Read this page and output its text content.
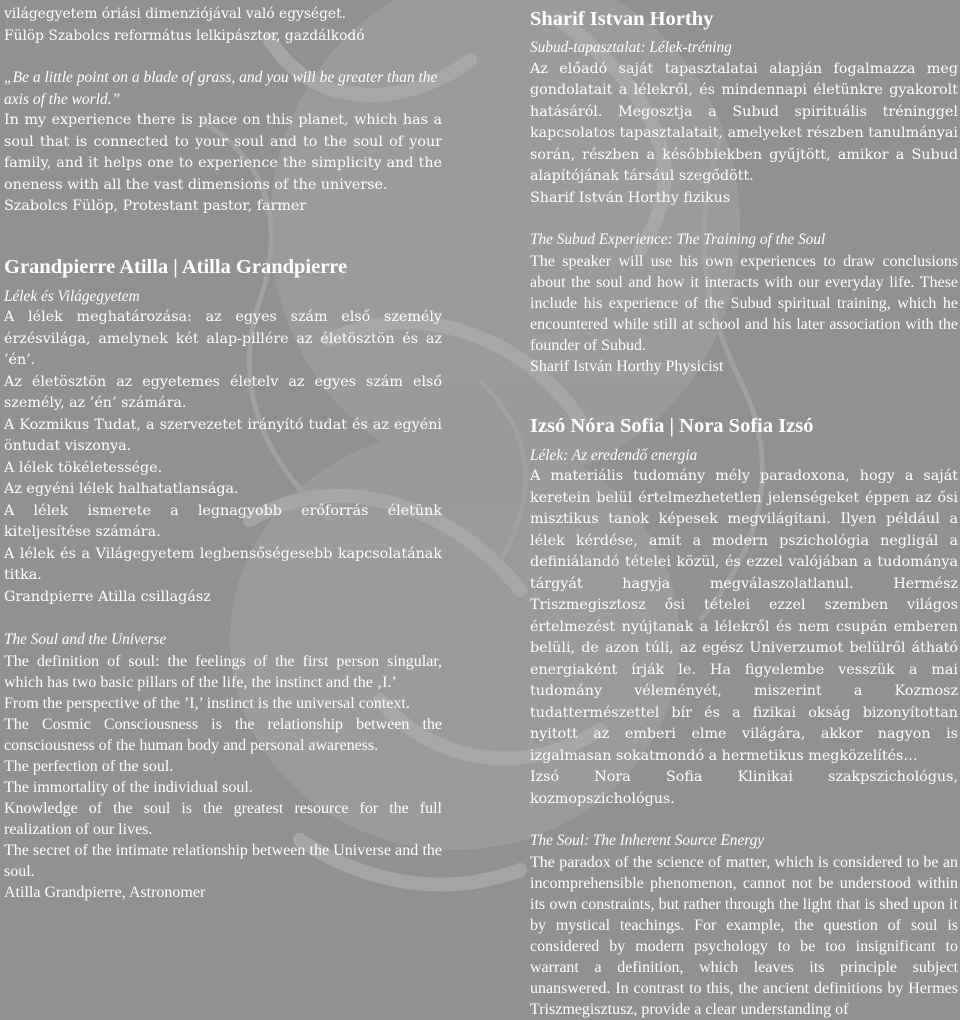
világegyetem óriási dimenziójával való egységet.

Fülöp Szabolcs református lelkipásztor, gazdálkodó

„Be a little point on a blade of grass, and you will be greater than the axis of the world.”

In my experience there is place on this planet, which has a soul that is connected to your soul and to the soul of your family, and it helps one to experience the simplicity and the oneness with all the vast dimensions of the universe.

Szabolcs Fülöp, Protestant pastor, farmer

Grandpierre Atilla | Atilla Grandpierre

Lélek és Világegyetem

A lélek meghatározása: az egyes szám első személy érzésvilága, amelynek két alap-pillére az életösztön és az ’én’.

Az életösztön az egyetemes életelv az egyes szám első személy, az ’én’ számára.

A Kozmikus Tudat, a szervezetet irányító tudat és az egyéni öntudat viszonya.

A lélek tökéletessége.

Az egyéni lélek halhatatlansága.

A lélek ismerete a legnagyobb erőforrás életünk kiteljesítése számára.

A lélek és a Világegyetem legbensőségesebb kapcsolatának titka.

Grandpierre Atilla csillagász

The Soul and the Universe

The definition of soul: the feelings of the first person singular, which has two basic pillars of the life, the instinct and the ‚I.’

From the perspective of the ’I,’ instinct is the universal context.

The Cosmic Consciousness is the relationship between the consciousness of the human body and personal awareness.

The perfection of the soul.

The immortality of the individual soul.

Knowledge of the soul is the greatest resource for the full realization of our lives.

The secret of the intimate relationship between the Universe and the soul.

Atilla Grandpierre, Astronomer

Sharif Istvan Horthy

Subud-tapasztalat: Lélek-tréning

Az előadó saját tapasztalatai alapján fogalmazza meg gondolatait a lélekről, és mindennapi életünkre gyakorolt hatásáról. Megosztja a Subud spirituális tréninggel kapcsolatos tapasztalatait, amelyeket részben tanulmányai során, részben a későbbiekben gyűjtött, amikor a Subud alapítójának társául szegődött.

Sharif István Horthy fizikus

The Subud Experience: The Training of the Soul

The speaker will use his own experiences to draw conclusions about the soul and how it interacts with our everyday life. These include his experience of the Subud spiritual training, which he encountered while still at school and his later association with the founder of Subud.

Sharif István Horthy Physicist

Izsó Nóra Sofia | Nora Sofia Izsó

Lélek: Az eredendő energia

A materiális tudomány mély paradoxona, hogy a saját keretein belül értelmezhetetlen jelenségeket éppen az ősi misztikus tanok képesek megvilágítani. Ilyen például a lélek kérdése, amit a modern pszichológia negligál a definiálandó tételei közül, és ezzel valójában a tudománya tárgyát hagyja megválaszolatlanul. Hermész Triszmegisztosz ősi tételei ezzel szemben világos értelmezést nyújtanak a lélekről és nem csupán emberen belüli, de azon túli, az egész Univerzumot belülről átható energiaként írják le. Ha figyelembe vesszük a mai tudomány véleményét, miszerint a Kozmosz tudattermészettel bír és a fizikai okság bizonyítottan nyitott az emberi elme világára, akkor nagyon is izgalmasan sokatmondó a hermetikus megközelítés…

Izsó Nora Sofia Klinikai szakpszichológus, kozmopszichológus.

The Soul: The Inherent Source Energy

The paradox of the science of matter, which is considered to be an incomprehensible phenomenon, cannot not be understood within its own constraints, but rather through the light that is shed upon it by mystical teachings. For example, the question of soul is considered by modern psychology to be too insignificant to warrant a definition, which leaves its principle subject unanswered. In contrast to this, the ancient definitions by Hermes Triszmegisztusz, provide a clear understanding of
